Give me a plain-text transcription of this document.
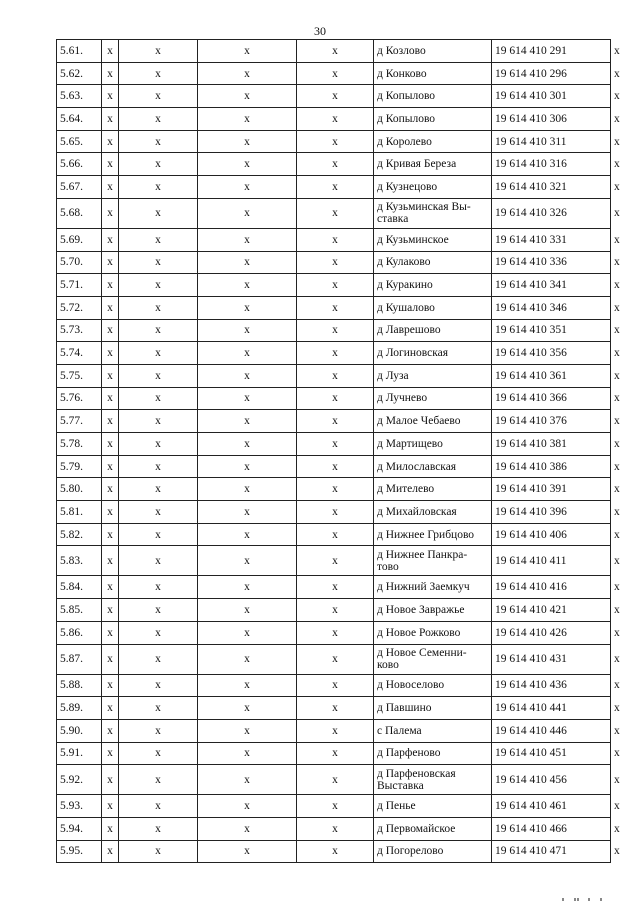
30
5.61.	x	x	x	x	д Козлово	19 614 410 291	x
5.62.	x	x	x	x	д Конково	19 614 410 296	x
5.63.	x	x	x	x	д Копылово	19 614 410 301	x
5.64.	x	x	x	x	д Копылово	19 614 410 306	x
5.65.	x	x	x	x	д Королево	19 614 410 311	x
5.66.	x	x	x	x	д Кривая Береза	19 614 410 316	x
5.67.	x	x	x	x	д Кузнецово	19 614 410 321	x
5.68.	x	x	x	x	д Кузьминская Вы-ставка	19 614 410 326	x
5.69.	x	x	x	x	д Кузьминское	19 614 410 331	x
5.70.	x	x	x	x	д Кулаково	19 614 410 336	x
5.71.	x	x	x	x	д Куракино	19 614 410 341	x
5.72.	x	x	x	x	д Кушалово	19 614 410 346	x
5.73.	x	x	x	x	д Лаврешово	19 614 410 351	x
5.74.	x	x	x	x	д Логиновская	19 614 410 356	x
5.75.	x	x	x	x	д Луза	19 614 410 361	x
5.76.	x	x	x	x	д Лучнево	19 614 410 366	x
5.77.	x	x	x	x	д Малое Чебаево	19 614 410 376	x
5.78.	x	x	x	x	д Мартищево	19 614 410 381	x
5.79.	x	x	x	x	д Милославская	19 614 410 386	x
5.80.	x	x	x	x	д Мителево	19 614 410 391	x
5.81.	x	x	x	x	д Михайловская	19 614 410 396	x
5.82.	x	x	x	x	д Нижнее Грибцово	19 614 410 406	x
5.83.	x	x	x	x	д Нижнее Панкра-тово	19 614 410 411	x
5.84.	x	x	x	x	д Нижний Заемкуч	19 614 410 416	x
5.85.	x	x	x	x	д Новое Завражье	19 614 410 421	x
5.86.	x	x	x	x	д Новое Рожково	19 614 410 426	x
5.87.	x	x	x	x	д Новое Семенни-ково	19 614 410 431	x
5.88.	x	x	x	x	д Новоселово	19 614 410 436	x
5.89.	x	x	x	x	д Павшино	19 614 410 441	x
5.90.	x	x	x	x	с Палема	19 614 410 446	x
5.91.	x	x	x	x	д Парфеново	19 614 410 451	x
5.92.	x	x	x	x	д Парфеновская Выставка	19 614 410 456	x
5.93.	x	x	x	x	д Пенье	19 614 410 461	x
5.94.	x	x	x	x	д Первомайское	19 614 410 466	x
5.95.	x	x	x	x	д Погорелово	19 614 410 471	x
